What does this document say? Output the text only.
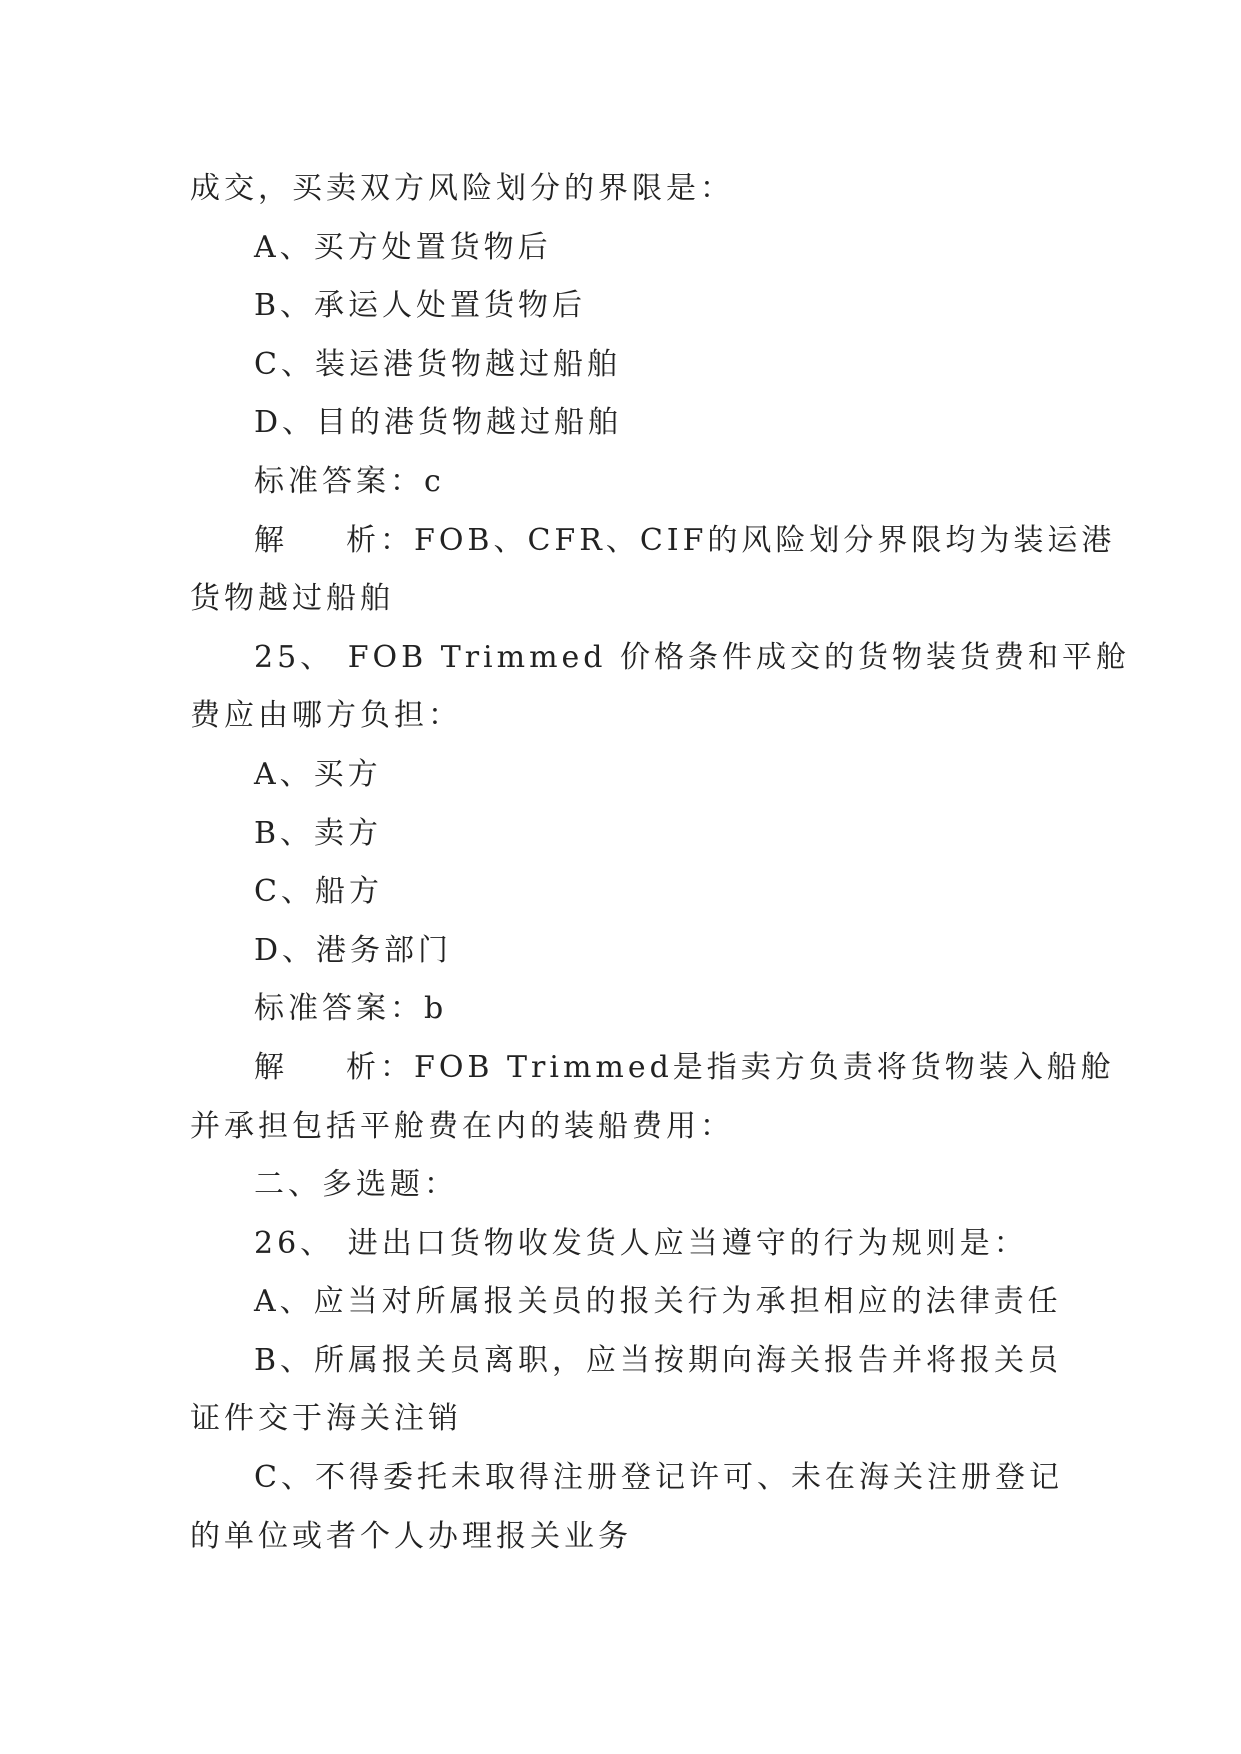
成交，买卖双方风险划分的界限是：
A、买方处置货物后
B、承运人处置货物后
C、装运港货物越过船舶
D、目的港货物越过船舶
标准答案：c
解 析：FOB、CFR、CIF的风险划分界限均为装运港
货物越过船舶
25、 FOB Trimmed 价格条件成交的货物装货费和平舱
费应由哪方负担：
A、买方
B、卖方
C、船方
D、港务部门
标准答案：b
解 析：FOB Trimmed是指卖方负责将货物装入船舱
并承担包括平舱费在内的装船费用：
二、多选题：
26、 进出口货物收发货人应当遵守的行为规则是：
A、应当对所属报关员的报关行为承担相应的法律责任
B、所属报关员离职，应当按期向海关报告并将报关员
证件交于海关注销
C、不得委托未取得注册登记许可、未在海关注册登记
的单位或者个人办理报关业务
